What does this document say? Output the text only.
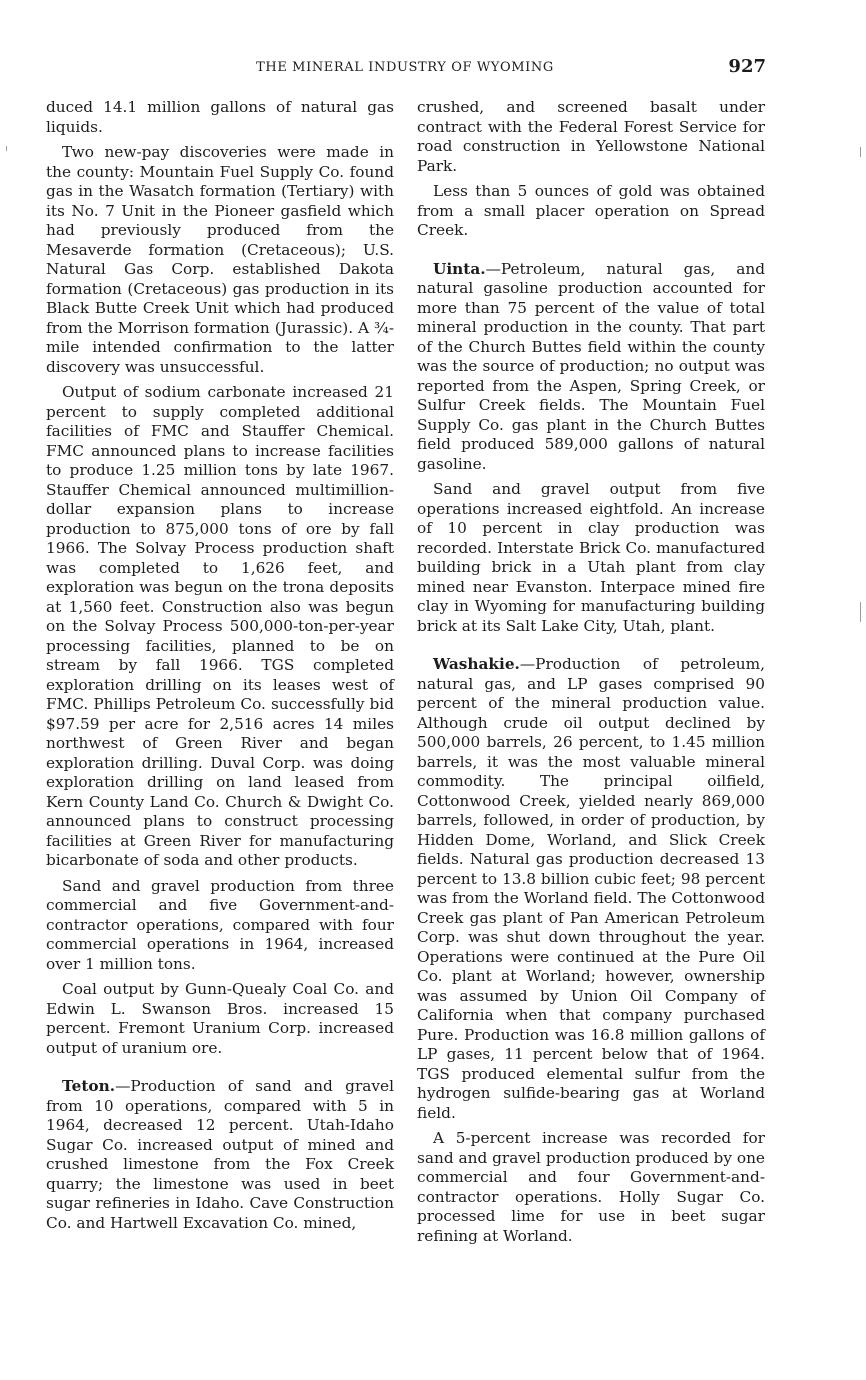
THE MINERAL INDUSTRY OF WYOMING	927

duced 14.1 million gallons of natural gas liquids.

Two new-pay discoveries were made in the county: Mountain Fuel Supply Co. found gas in the Wasatch formation (Tertiary) with its No. 7 Unit in the Pioneer gasfield which had previously produced from the Mesaverde formation (Cretaceous); U.S. Natural Gas Corp. established Dakota formation (Cretaceous) gas production in its Black Butte Creek Unit which had produced from the Morrison formation (Jurassic). A ¾-mile intended confirmation to the latter discovery was unsuccessful.

Output of sodium carbonate increased 21 percent to supply completed additional facilities of FMC and Stauffer Chemical. FMC announced plans to increase facilities to produce 1.25 million tons by late 1967. Stauffer Chemical announced multimillion-dollar expansion plans to increase production to 875,000 tons of ore by fall 1966. The Solvay Process production shaft was completed to 1,626 feet, and exploration was begun on the trona deposits at 1,560 feet. Construction also was begun on the Solvay Process 500,000-ton-per-year processing facilities, planned to be on stream by fall 1966. TGS completed exploration drilling on its leases west of FMC. Phillips Petroleum Co. successfully bid $97.59 per acre for 2,516 acres 14 miles northwest of Green River and began exploration drilling. Duval Corp. was doing exploration drilling on land leased from Kern County Land Co. Church & Dwight Co. announced plans to construct processing facilities at Green River for manufacturing bicarbonate of soda and other products.

Sand and gravel production from three commercial and five Government-and-contractor operations, compared with four commercial operations in 1964, increased over 1 million tons.

Coal output by Gunn-Quealy Coal Co. and Edwin L. Swanson Bros. increased 15 percent. Fremont Uranium Corp. increased output of uranium ore.

Teton.—Production of sand and gravel from 10 operations, compared with 5 in 1964, decreased 12 percent. Utah-Idaho Sugar Co. increased output of mined and crushed limestone from the Fox Creek quarry; the limestone was used in beet sugar refineries in Idaho. Cave Construction Co. and Hartwell Excavation Co. mined,

crushed, and screened basalt under contract with the Federal Forest Service for road construction in Yellowstone National Park.

Less than 5 ounces of gold was obtained from a small placer operation on Spread Creek.

Uinta.—Petroleum, natural gas, and natural gasoline production accounted for more than 75 percent of the value of total mineral production in the county. That part of the Church Buttes field within the county was the source of production; no output was reported from the Aspen, Spring Creek, or Sulfur Creek fields. The Mountain Fuel Supply Co. gas plant in the Church Buttes field produced 589,000 gallons of natural gasoline.

Sand and gravel output from five operations increased eightfold. An increase of 10 percent in clay production was recorded. Interstate Brick Co. manufactured building brick in a Utah plant from clay mined near Evanston. Interpace mined fire clay in Wyoming for manufacturing building brick at its Salt Lake City, Utah, plant.

Washakie.—Production of petroleum, natural gas, and LP gases comprised 90 percent of the mineral production value. Although crude oil output declined by 500,000 barrels, 26 percent, to 1.45 million barrels, it was the most valuable mineral commodity. The principal oilfield, Cottonwood Creek, yielded nearly 869,000 barrels, followed, in order of production, by Hidden Dome, Worland, and Slick Creek fields. Natural gas production decreased 13 percent to 13.8 billion cubic feet; 98 percent was from the Worland field. The Cottonwood Creek gas plant of Pan American Petroleum Corp. was shut down throughout the year. Operations were continued at the Pure Oil Co. plant at Worland; however, ownership was assumed by Union Oil Company of California when that company purchased Pure. Production was 16.8 million gallons of LP gases, 11 percent below that of 1964. TGS produced elemental sulfur from the hydrogen sulfide-bearing gas at Worland field.

A 5-percent increase was recorded for sand and gravel production produced by one commercial and four Government-and-contractor operations. Holly Sugar Co. processed lime for use in beet sugar refining at Worland.
